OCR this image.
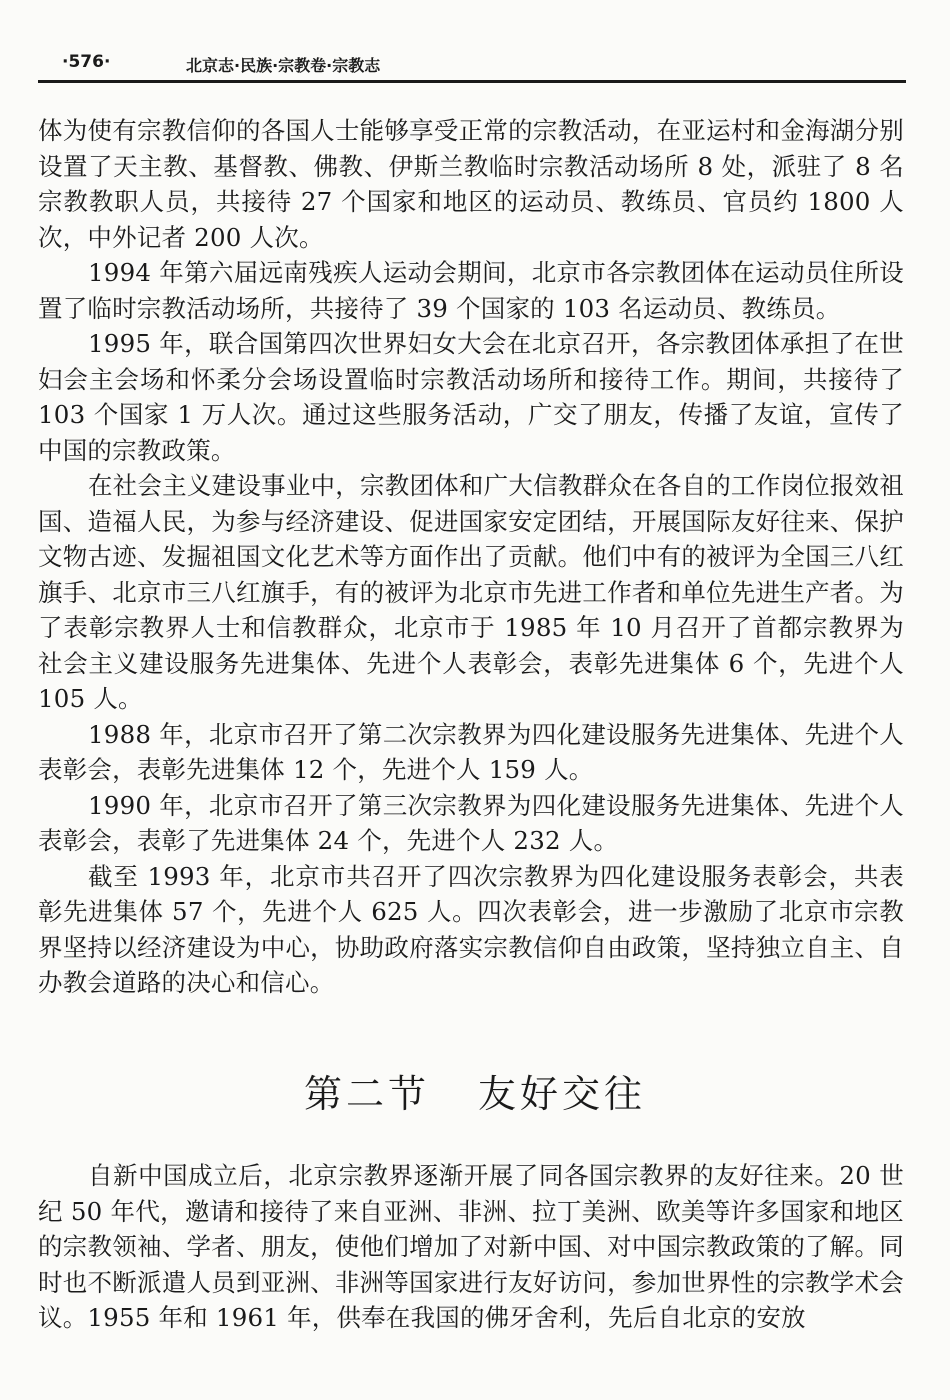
·576·	北京志·民族·宗教卷·宗教志

体为使有宗教信仰的各国人士能够享受正常的宗教活动，在亚运村和金海湖分别设置了天主教、基督教、佛教、伊斯兰教临时宗教活动场所 8 处，派驻了 8 名宗教教职人员，共接待 27 个国家和地区的运动员、教练员、官员约 1800 人次，中外记者 200 人次。

1994 年第六届远南残疾人运动会期间，北京市各宗教团体在运动员住所设置了临时宗教活动场所，共接待了 39 个国家的 103 名运动员、教练员。

1995 年，联合国第四次世界妇女大会在北京召开，各宗教团体承担了在世妇会主会场和怀柔分会场设置临时宗教活动场所和接待工作。期间，共接待了 103 个国家 1 万人次。通过这些服务活动，广交了朋友，传播了友谊，宣传了中国的宗教政策。

在社会主义建设事业中，宗教团体和广大信教群众在各自的工作岗位报效祖国、造福人民，为参与经济建设、促进国家安定团结，开展国际友好往来、保护文物古迹、发掘祖国文化艺术等方面作出了贡献。他们中有的被评为全国三八红旗手、北京市三八红旗手，有的被评为北京市先进工作者和单位先进生产者。为了表彰宗教界人士和信教群众，北京市于 1985 年 10 月召开了首都宗教界为社会主义建设服务先进集体、先进个人表彰会，表彰先进集体 6 个，先进个人 105 人。

1988 年，北京市召开了第二次宗教界为四化建设服务先进集体、先进个人表彰会，表彰先进集体 12 个，先进个人 159 人。

1990 年，北京市召开了第三次宗教界为四化建设服务先进集体、先进个人表彰会，表彰了先进集体 24 个，先进个人 232 人。

截至 1993 年，北京市共召开了四次宗教界为四化建设服务表彰会，共表彰先进集体 57 个，先进个人 625 人。四次表彰会，进一步激励了北京市宗教界坚持以经济建设为中心，协助政府落实宗教信仰自由政策，坚持独立自主、自办教会道路的决心和信心。

第二节 友好交往

自新中国成立后，北京宗教界逐渐开展了同各国宗教界的友好往来。20 世纪 50 年代，邀请和接待了来自亚洲、非洲、拉丁美洲、欧美等许多国家和地区的宗教领袖、学者、朋友，使他们增加了对新中国、对中国宗教政策的了解。同时也不断派遣人员到亚洲、非洲等国家进行友好访问，参加世界性的宗教学术会议。1955 年和 1961 年，供奉在我国的佛牙舍利，先后自北京的安放
